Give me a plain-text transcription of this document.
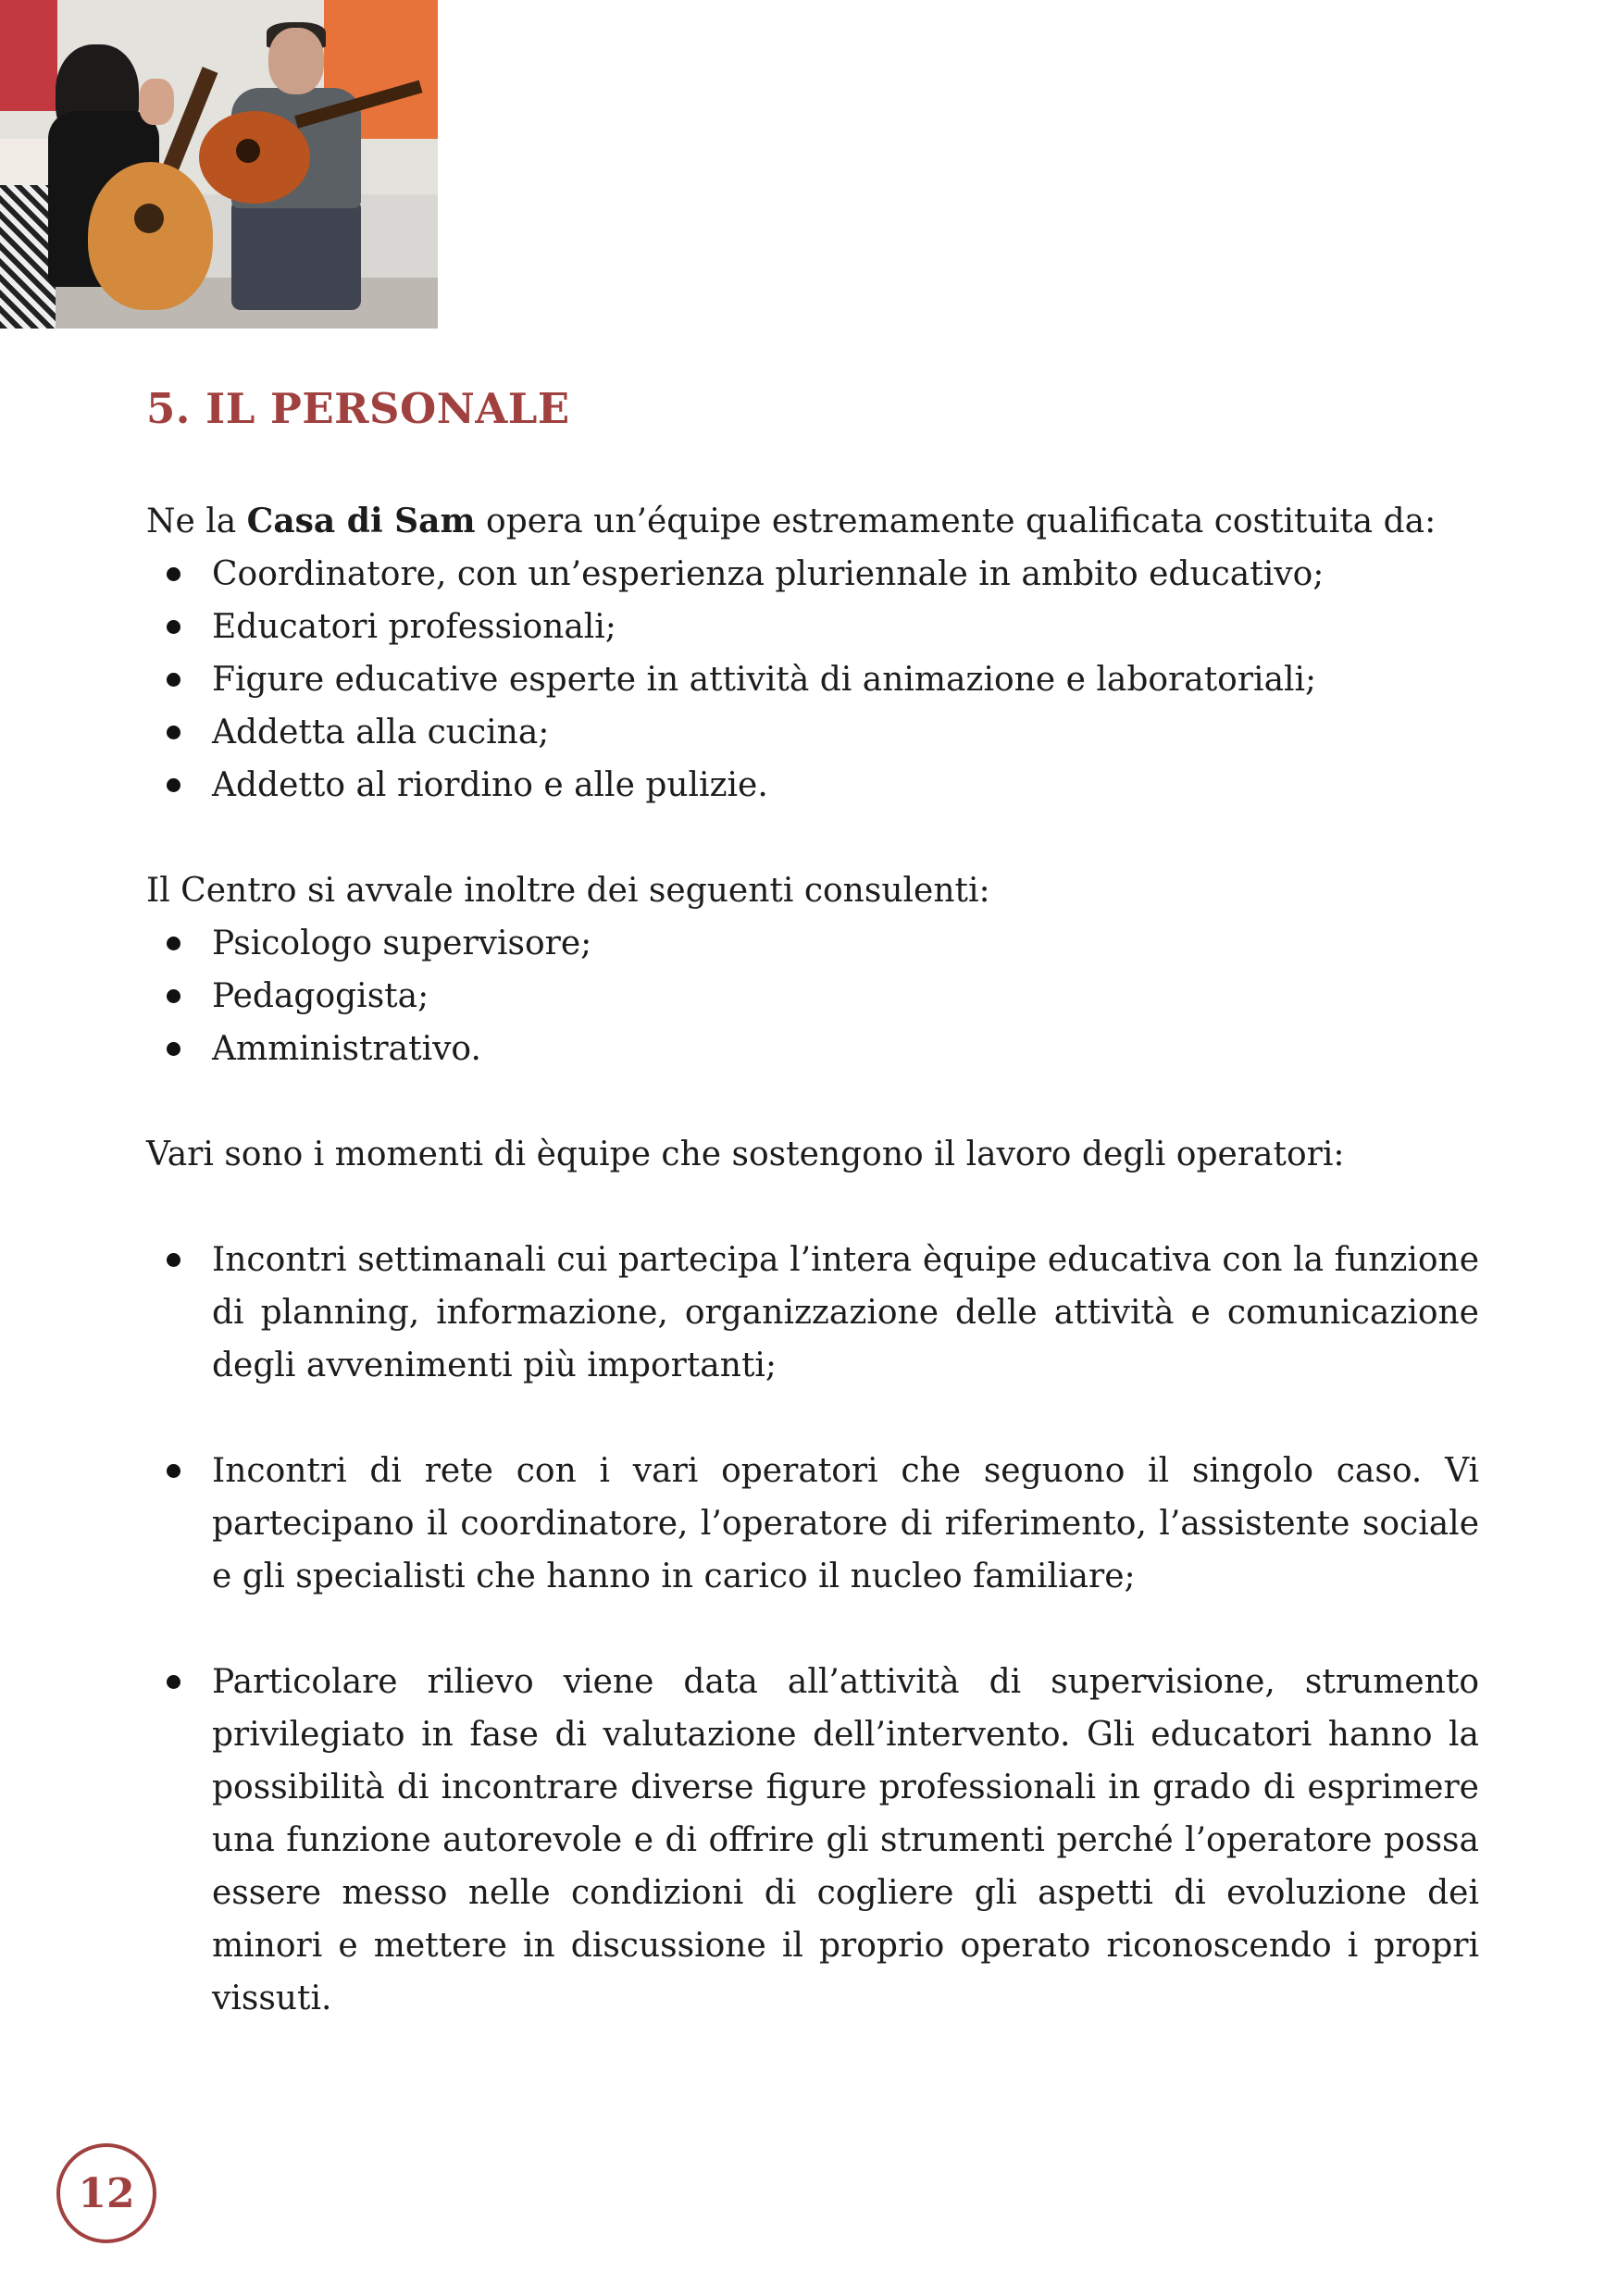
5. IL PERSONALE

Ne la Casa di Sam opera un’équipe estremamente qualificata costituita da:

Coordinatore, con un’esperienza pluriennale in ambito educativo;
Educatori professionali;
Figure educative esperte in attività di animazione e laboratoriali;
Addetta alla cucina;
Addetto al riordino e alle pulizie.

Il Centro si avvale inoltre dei seguenti consulenti:

Psicologo supervisore;
Pedagogista;
Amministrativo.

Vari sono i momenti di èquipe che sostengono il lavoro degli operatori:

Incontri settimanali cui partecipa l’intera èquipe educativa con la funzione di planning, informazione, organizzazione delle attività e comunicazione degli avvenimenti più importanti;
Incontri di rete con i vari operatori che seguono il singolo caso. Vi partecipano il coordinatore, l’operatore di riferimento, l’assistente sociale e gli specialisti che hanno in carico il nucleo familiare;
Particolare rilievo viene data all’attività di supervisione, strumento privilegiato in fase di valutazione dell’intervento. Gli educatori hanno la possibilità di incontrare diverse figure professionali in grado di esprimere una funzione autorevole e di offrire gli strumenti perché l’operatore possa essere messo nelle condizioni di cogliere gli aspetti di evoluzione dei minori e mettere in discussione il proprio operato riconoscendo i propri vissuti.
12
